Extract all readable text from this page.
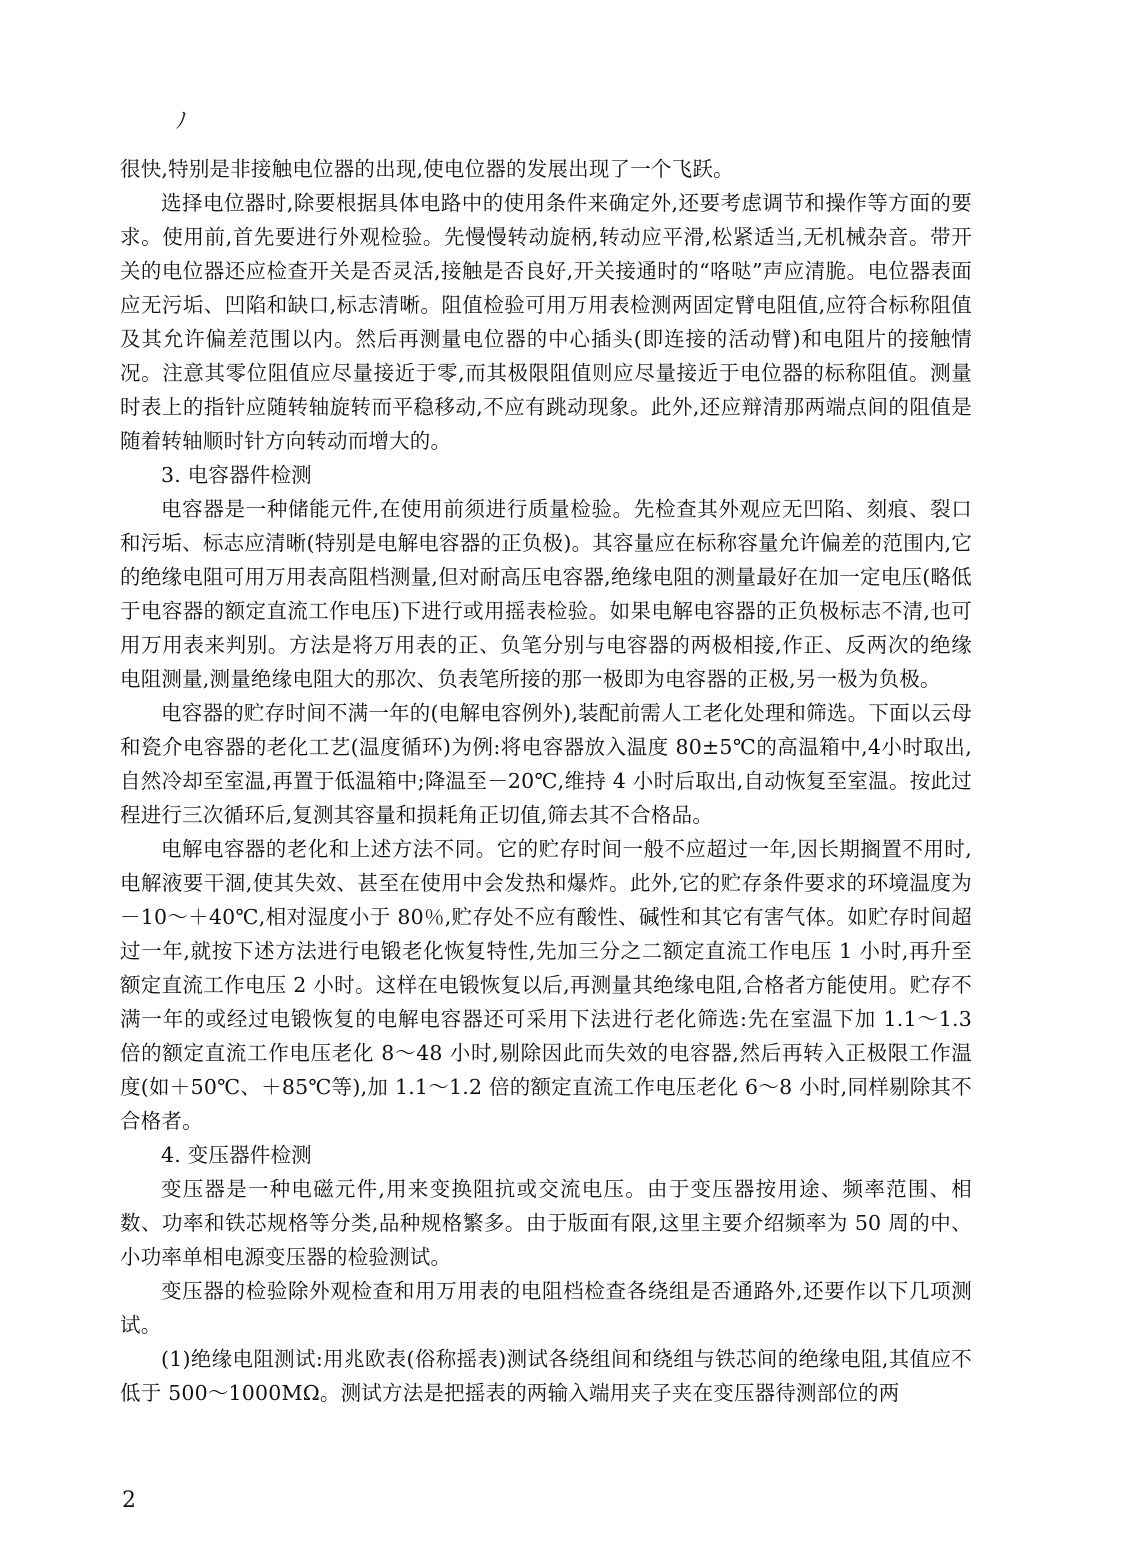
ﾉ

很快,特别是非接触电位器的出现,使电位器的发展出现了一个飞跃。

选择电位器时,除要根据具体电路中的使用条件来确定外,还要考虑调节和操作等方面的要求。使用前,首先要进行外观检验。先慢慢转动旋柄,转动应平滑,松紧适当,无机械杂音。带开关的电位器还应检查开关是否灵活,接触是否良好,开关接通时的“咯哒”声应清脆。电位器表面应无污垢、凹陷和缺口,标志清晰。阻值检验可用万用表检测两固定臂电阻值,应符合标称阻值及其允许偏差范围以内。然后再测量电位器的中心插头(即连接的活动臂)和电阻片的接触情况。注意其零位阻值应尽量接近于零,而其极限阻值则应尽量接近于电位器的标称阻值。测量时表上的指针应随转轴旋转而平稳移动,不应有跳动现象。此外,还应辩清那两端点间的阻值是随着转轴顺时针方向转动而增大的。

3. 电容器件检测

电容器是一种储能元件,在使用前须进行质量检验。先检查其外观应无凹陷、刻痕、裂口和污垢、标志应清晰(特别是电解电容器的正负极)。其容量应在标称容量允许偏差的范围内,它的绝缘电阻可用万用表高阻档测量,但对耐高压电容器,绝缘电阻的测量最好在加一定电压(略低于电容器的额定直流工作电压)下进行或用摇表检验。如果电解电容器的正负极标志不清,也可用万用表来判别。方法是将万用表的正、负笔分别与电容器的两极相接,作正、反两次的绝缘电阻测量,测量绝缘电阻大的那次、负表笔所接的那一极即为电容器的正极,另一极为负极。

电容器的贮存时间不满一年的(电解电容例外),装配前需人工老化处理和筛选。下面以云母和瓷介电容器的老化工艺(温度循环)为例:将电容器放入温度 80±5℃的高温箱中,4小时取出,自然冷却至室温,再置于低温箱中;降温至－20℃,维持 4 小时后取出,自动恢复至室温。按此过程进行三次循环后,复测其容量和损耗角正切值,筛去其不合格品。

电解电容器的老化和上述方法不同。它的贮存时间一般不应超过一年,因长期搁置不用时,电解液要干涸,使其失效、甚至在使用中会发热和爆炸。此外,它的贮存条件要求的环境温度为－10～＋40℃,相对湿度小于 80％,贮存处不应有酸性、碱性和其它有害气体。如贮存时间超过一年,就按下述方法进行电锻老化恢复特性,先加三分之二额定直流工作电压 1 小时,再升至额定直流工作电压 2 小时。这样在电锻恢复以后,再测量其绝缘电阻,合格者方能使用。贮存不满一年的或经过电锻恢复的电解电容器还可采用下法进行老化筛选:先在室温下加 1.1～1.3 倍的额定直流工作电压老化 8～48 小时,剔除因此而失效的电容器,然后再转入正极限工作温度(如＋50℃、＋85℃等),加 1.1～1.2 倍的额定直流工作电压老化 6～8 小时,同样剔除其不合格者。

4. 变压器件检测

变压器是一种电磁元件,用来变换阻抗或交流电压。由于变压器按用途、频率范围、相数、功率和铁芯规格等分类,品种规格繁多。由于版面有限,这里主要介绍频率为 50 周的中、小功率单相电源变压器的检验测试。

变压器的检验除外观检查和用万用表的电阻档检查各绕组是否通路外,还要作以下几项测试。

(1)绝缘电阻测试:用兆欧表(俗称摇表)测试各绕组间和绕组与铁芯间的绝缘电阻,其值应不低于 500～1000MΩ。测试方法是把摇表的两输入端用夹子夹在变压器待测部位的两

2
